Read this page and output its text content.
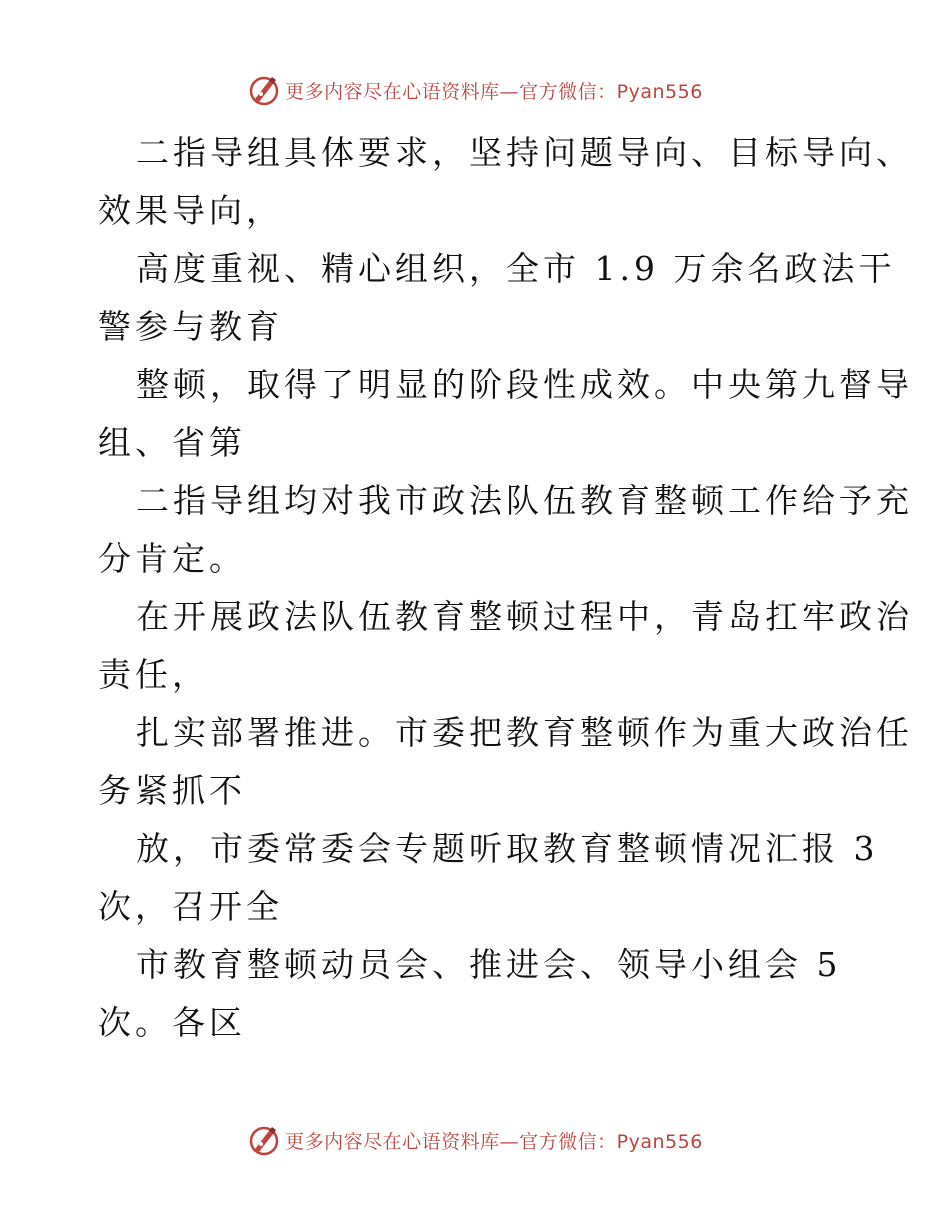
更多内容尽在心语资料库—官方微信：Pyan556
二指导组具体要求，坚持问题导向、目标导向、
效果导向，
高度重视、精心组织，全市 1.9 万余名政法干
警参与教育
整顿，取得了明显的阶段性成效。中央第九督导
组、省第
二指导组均对我市政法队伍教育整顿工作给予充
分肯定。
在开展政法队伍教育整顿过程中，青岛扛牢政治
责任，
扎实部署推进。市委把教育整顿作为重大政治任
务紧抓不
放，市委常委会专题听取教育整顿情况汇报 3
次，召开全
市教育整顿动员会、推进会、领导小组会 5
次。各区
更多内容尽在心语资料库—官方微信：Pyan556
